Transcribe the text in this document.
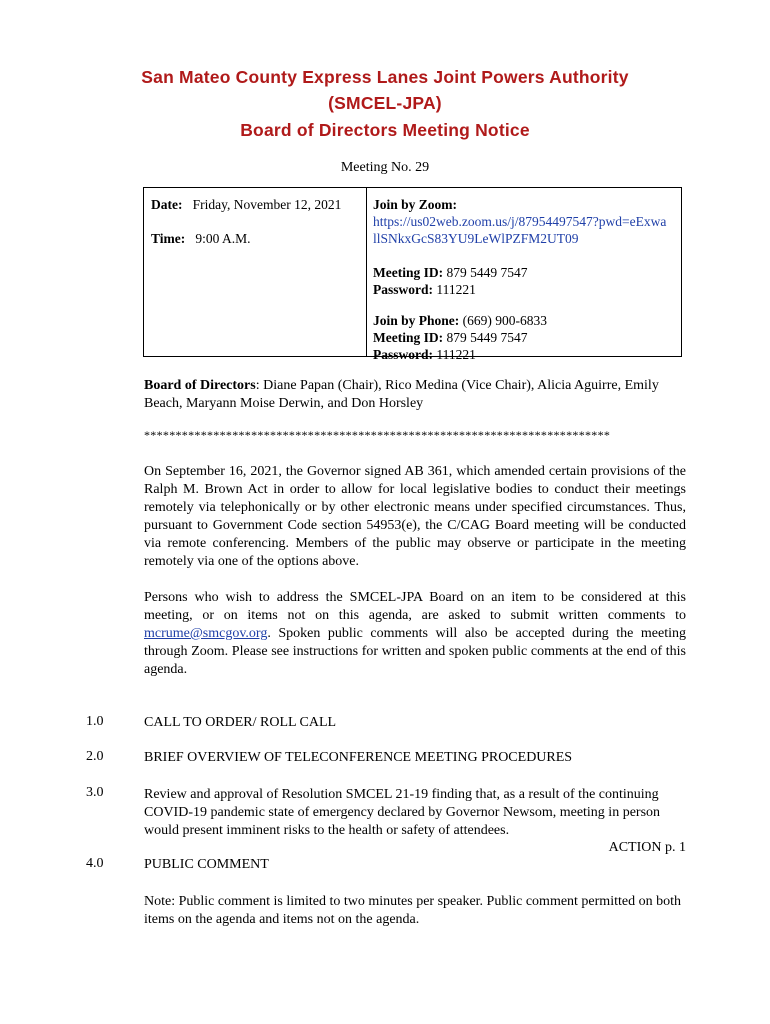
San Mateo County Express Lanes Joint Powers Authority
(SMCEL-JPA)
Board of Directors Meeting Notice
Meeting No. 29
Date: Friday, November 12, 2021
Time: 9:00 A.M.
Join by Zoom:
https://us02web.zoom.us/j/87954497547?pwd=eExwa
llSNkxGcS83YU9LeWlPZFM2UT09
Meeting ID: 879 5449 7547
Password: 111221
Join by Phone: (669) 900-6833
Meeting ID: 879 5449 7547
Password: 111221
Board of Directors: Diane Papan (Chair), Rico Medina (Vice Chair), Alicia Aguirre, Emily Beach, Maryann Moise Derwin, and Don Horsley
**************************************************************************
On September 16, 2021, the Governor signed AB 361, which amended certain provisions of the Ralph M. Brown Act in order to allow for local legislative bodies to conduct their meetings remotely via telephonically or by other electronic means under specified circumstances. Thus, pursuant to Government Code section 54953(e), the C/CAG Board meeting will be conducted via remote conferencing. Members of the public may observe or participate in the meeting remotely via one of the options above.
Persons who wish to address the SMCEL-JPA Board on an item to be considered at this meeting, or on items not on this agenda, are asked to submit written comments to mcrume@smcgov.org. Spoken public comments will also be accepted during the meeting through Zoom. Please see instructions for written and spoken public comments at the end of this agenda.
1.0	CALL TO ORDER/ ROLL CALL
2.0	BRIEF OVERVIEW OF TELECONFERENCE MEETING PROCEDURES
3.0	Review and approval of Resolution SMCEL 21-19 finding that, as a result of the continuing COVID-19 pandemic state of emergency declared by Governor Newsom, meeting in person would present imminent risks to the health or safety of attendees.
ACTION p. 1
4.0	PUBLIC COMMENT
Note: Public comment is limited to two minutes per speaker. Public comment permitted on both items on the agenda and items not on the agenda.
